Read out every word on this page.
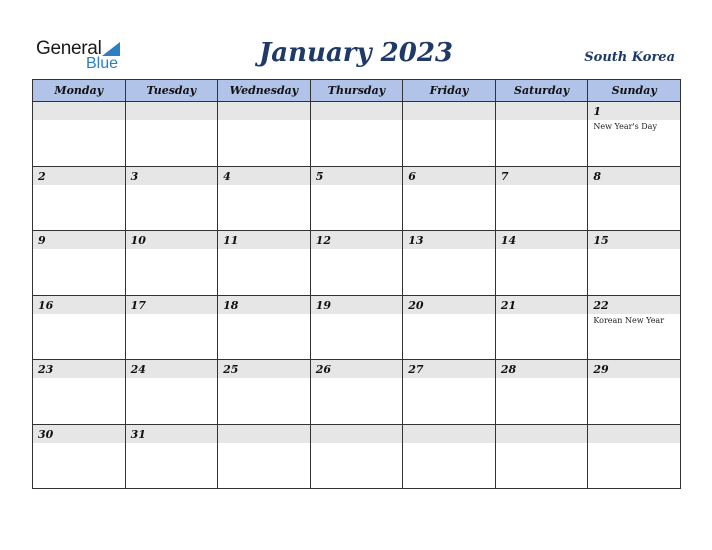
General
Blue	January 2023	South Korea
Monday	Tuesday	Wednesday	Thursday	Friday	Saturday	Sunday

						1
New Year's Day

2	3	4	5	6	7	8

9	10	11	12	13	14	15

16	17	18	19	20	21	22
Korean New Year

23	24	25	26	27	28	29

30	31					
